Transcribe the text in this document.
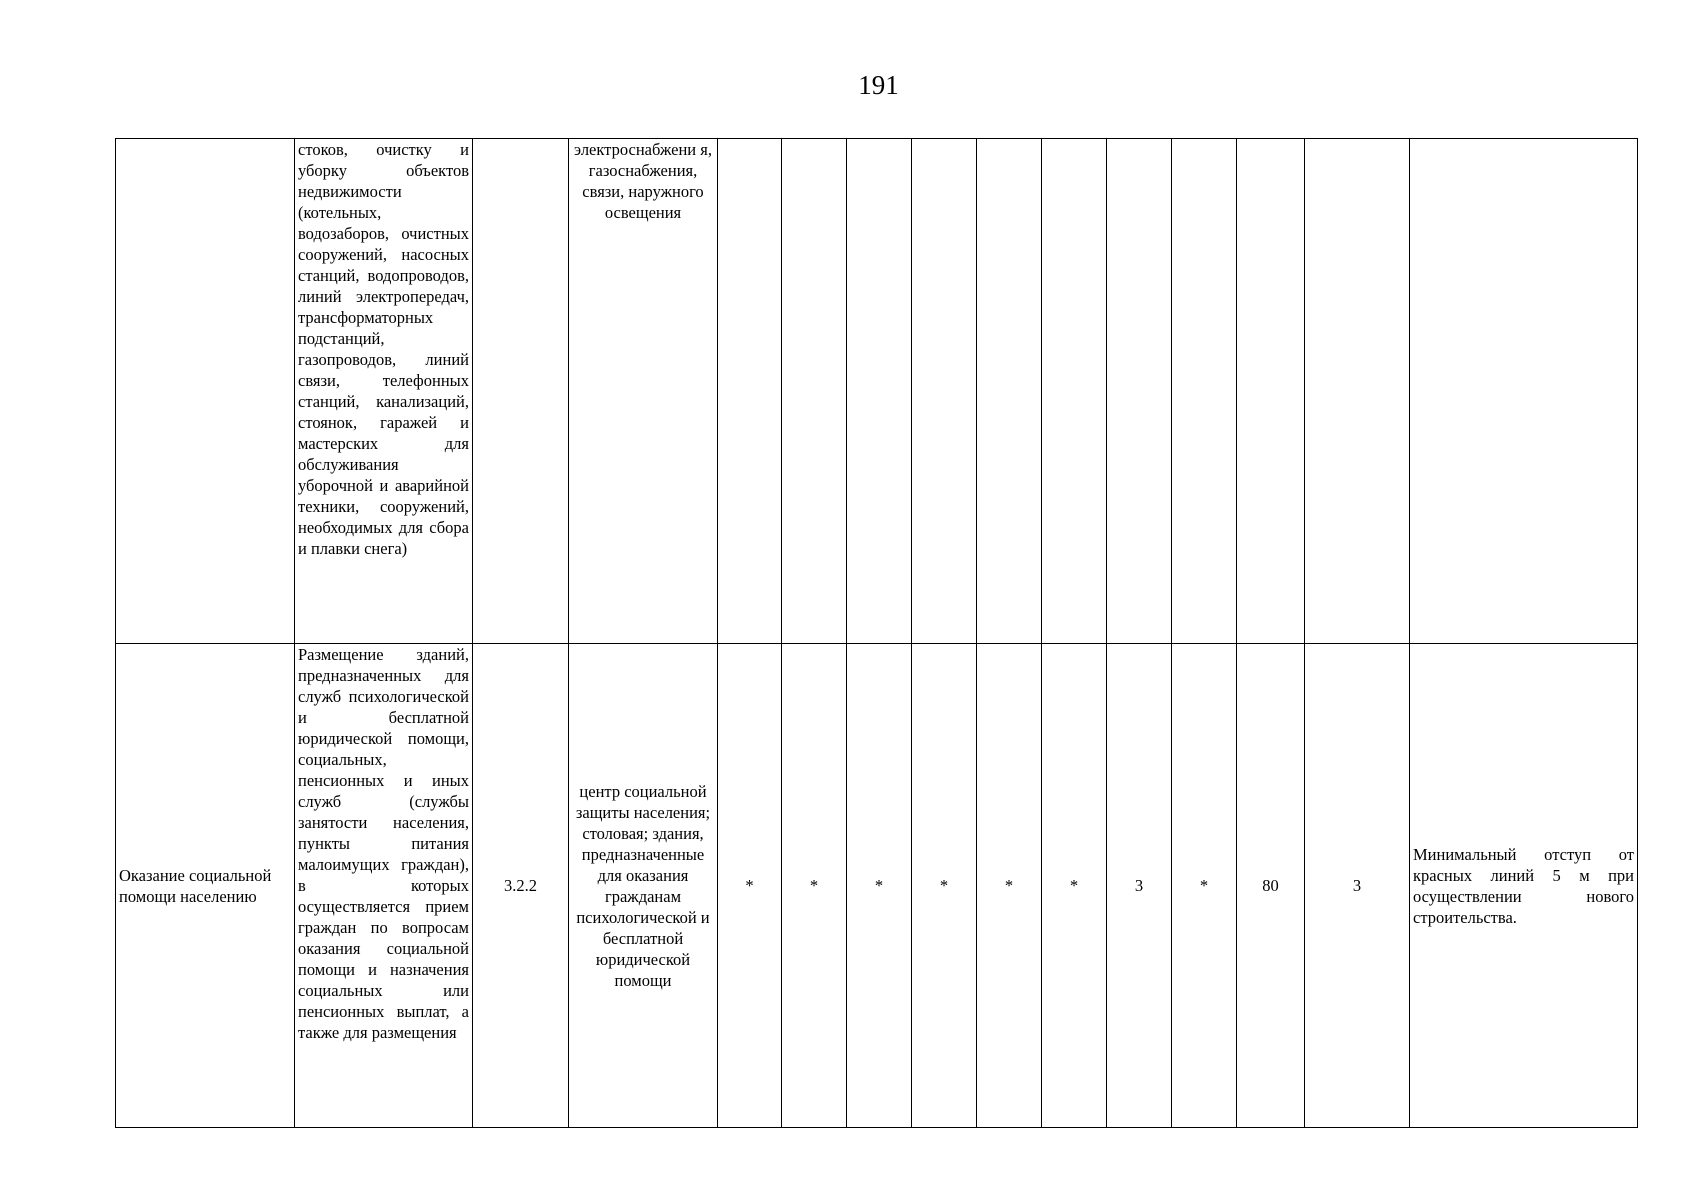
191
	стоков, очистку и уборку объектов недвижимости (котельных, водозаборов, очистных сооружений, насосных станций, водопроводов, линий электропередач, трансформаторных подстанций, газопроводов, линий связи, телефонных станций, канализаций, стоянок, гаражей и мастерских для обслуживания уборочной и аварийной техники, сооружений, необходимых для сбора и плавки снега)		электроснабжени я, газоснабжения, связи, наружного освещения											
Оказание социальной помощи населению	Размещение зданий, предназначенных для служб психологической и бесплатной юридической помощи, социальных, пенсионных и иных служб (службы занятости населения, пункты питания малоимущих граждан), в которых осуществляется прием граждан по вопросам оказания социальной помощи и назначения социальных или пенсионных выплат, а также для размещения	3.2.2	центр социальной защиты населения; столовая; здания, предназначенные для оказания гражданам психологической и бесплатной юридической помощи	*	*	*	*	*	*	3	*	80	3	Минимальный отступ от красных линий 5 м при осуществлении нового строительства.
